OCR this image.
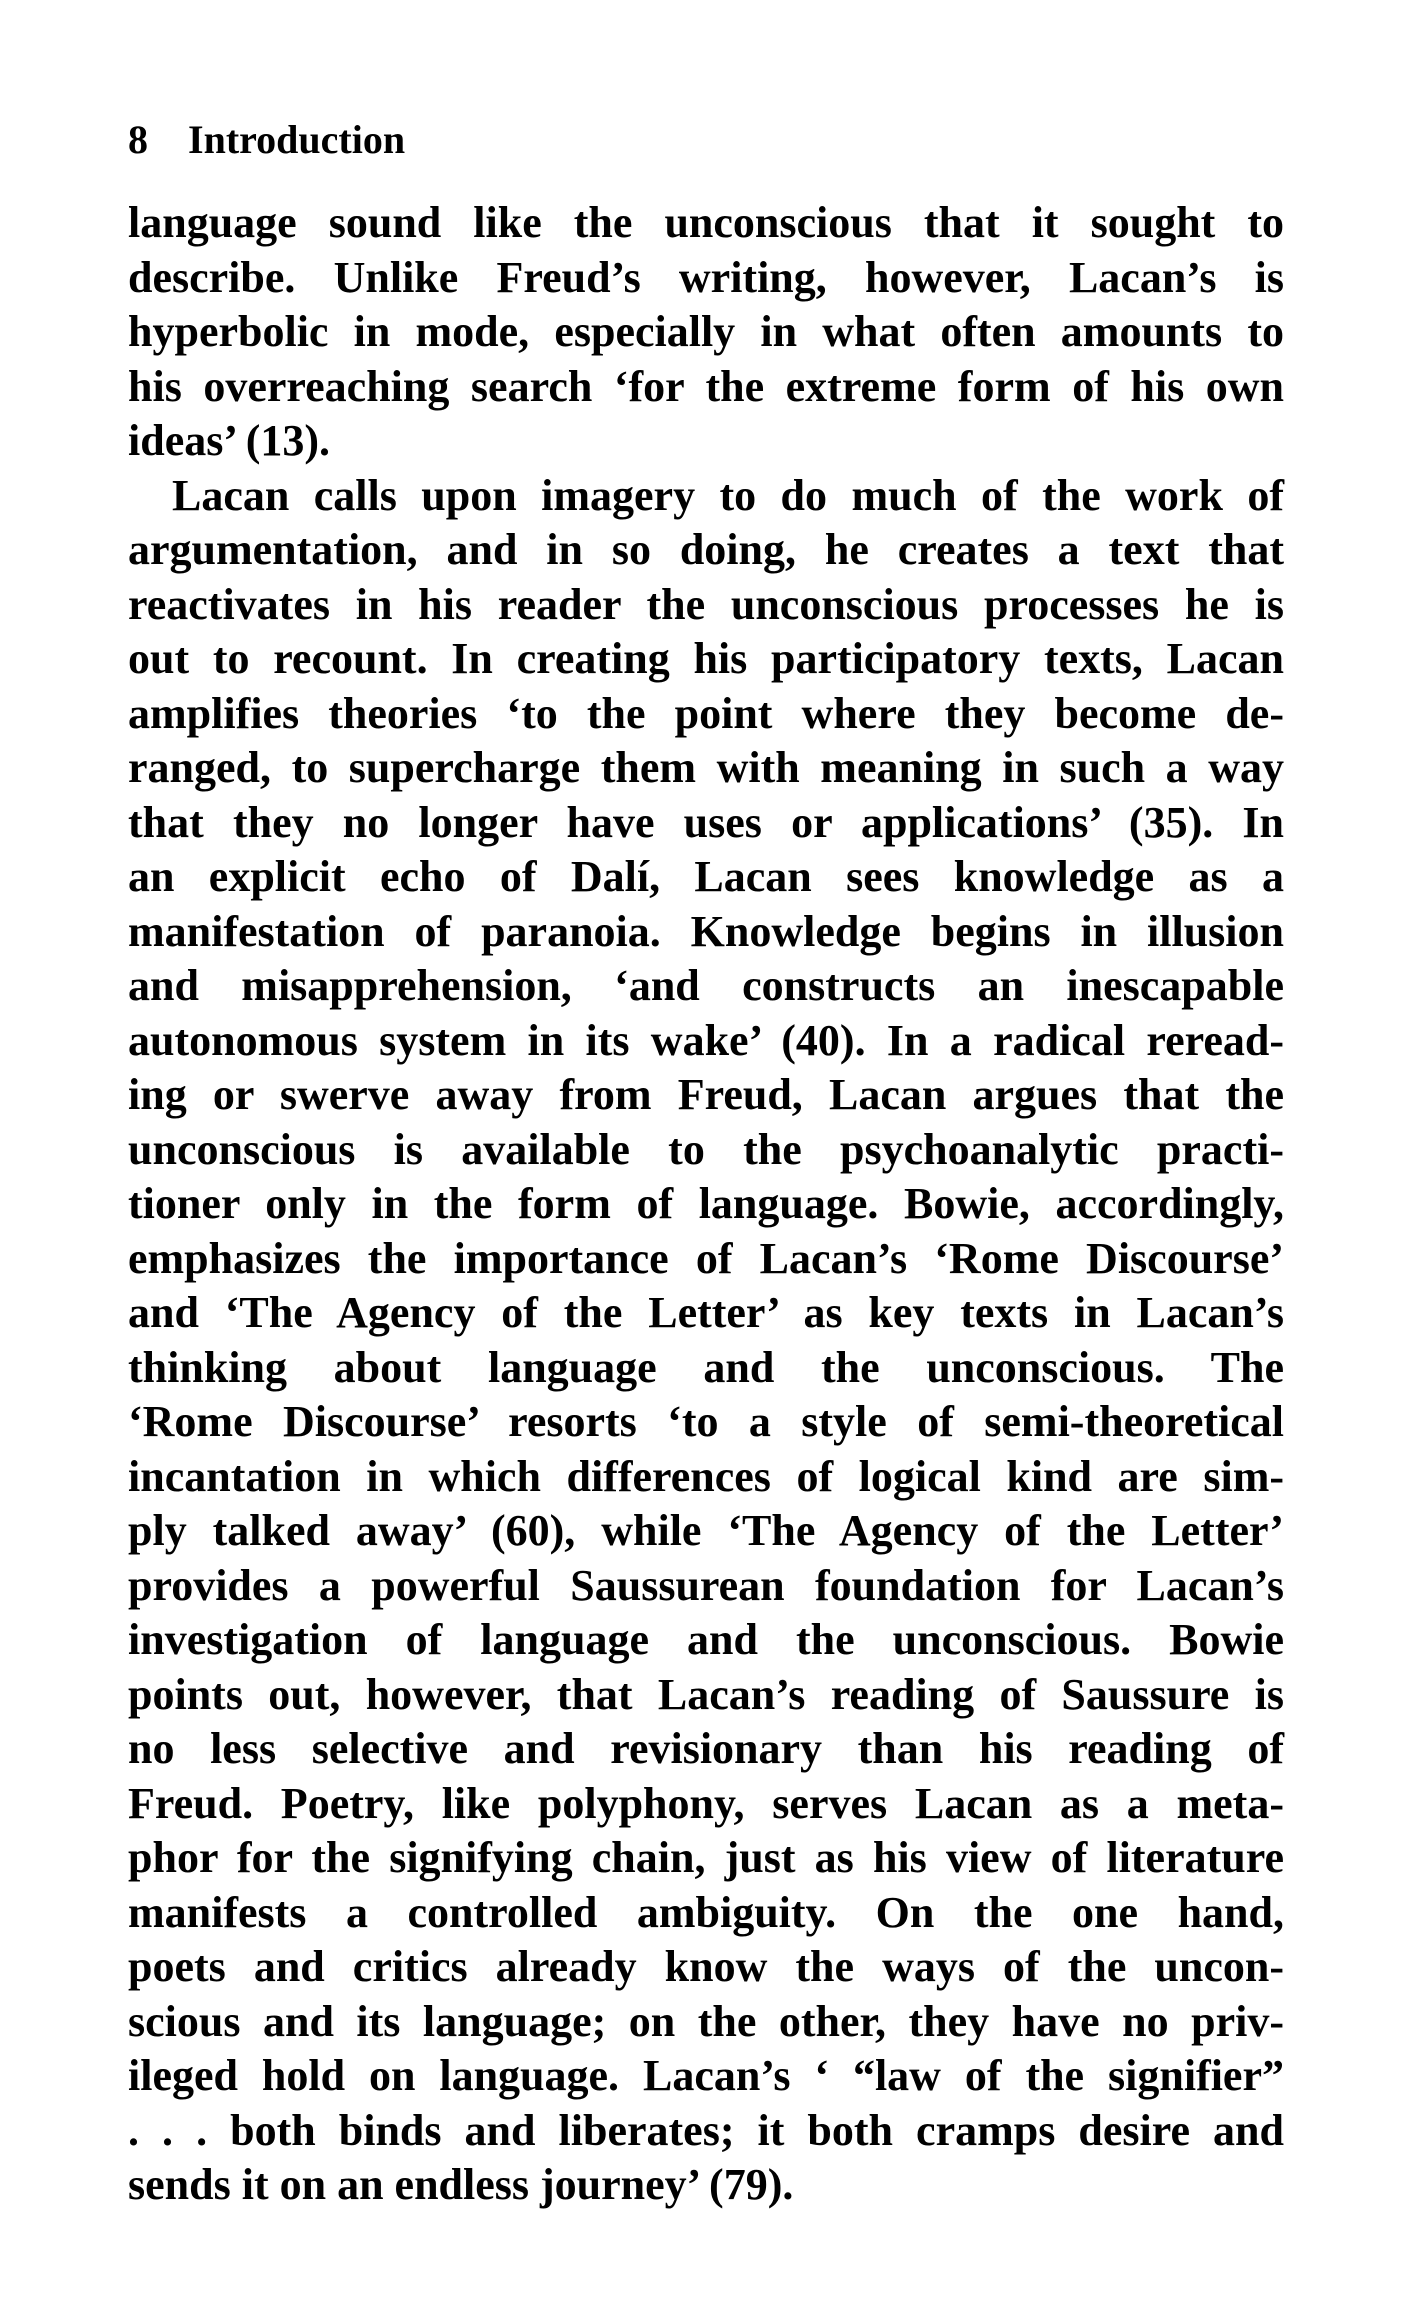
8 Introduction
language sound like the unconscious that it sought to
describe. Unlike Freud’s writing, however, Lacan’s is
hyperbolic in mode, especially in what often amounts to
his overreaching search ‘for the extreme form of his own
ideas’ (13).
Lacan calls upon imagery to do much of the work of
argumentation, and in so doing, he creates a text that
reactivates in his reader the unconscious processes he is
out to recount. In creating his participatory texts, Lacan
amplifies theories ‘to the point where they become de-
ranged, to supercharge them with meaning in such a way
that they no longer have uses or applications’ (35). In
an explicit echo of Dalí, Lacan sees knowledge as a
manifestation of paranoia. Knowledge begins in illusion
and misapprehension, ‘and constructs an inescapable
autonomous system in its wake’ (40). In a radical reread-
ing or swerve away from Freud, Lacan argues that the
unconscious is available to the psychoanalytic practi-
tioner only in the form of language. Bowie, accordingly,
emphasizes the importance of Lacan’s ‘Rome Discourse’
and ‘The Agency of the Letter’ as key texts in Lacan’s
thinking about language and the unconscious. The
‘Rome Discourse’ resorts ‘to a style of semi-theoretical
incantation in which differences of logical kind are sim-
ply talked away’ (60), while ‘The Agency of the Letter’
provides a powerful Saussurean foundation for Lacan’s
investigation of language and the unconscious. Bowie
points out, however, that Lacan’s reading of Saussure is
no less selective and revisionary than his reading of
Freud. Poetry, like polyphony, serves Lacan as a meta-
phor for the signifying chain, just as his view of literature
manifests a controlled ambiguity. On the one hand,
poets and critics already know the ways of the uncon-
scious and its language; on the other, they have no priv-
ileged hold on language. Lacan’s ‘ “law of the signifier”
. . . both binds and liberates; it both cramps desire and
sends it on an endless journey’ (79).
